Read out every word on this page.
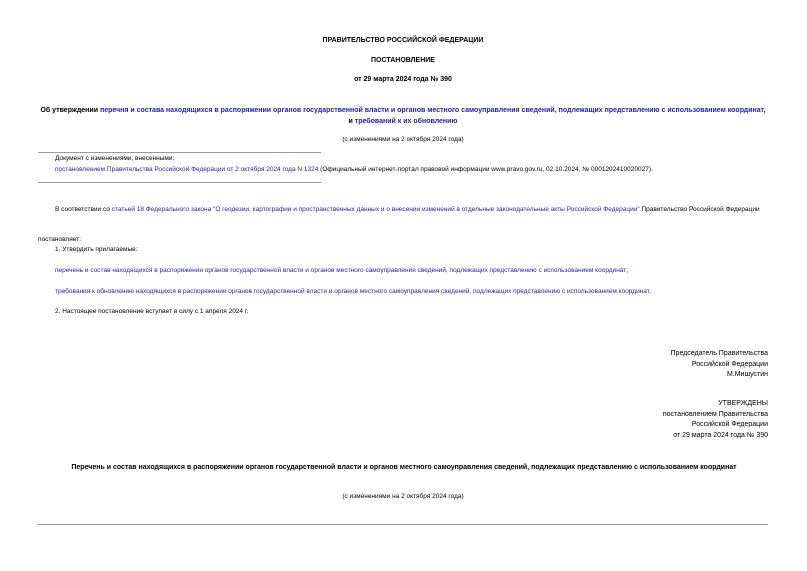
ПРАВИТЕЛЬСТВО РОССИЙСКОЙ ФЕДЕРАЦИИ
ПОСТАНОВЛЕНИЕ
от 29 марта 2024 года № 390
Об утверждении перечня и состава находящихся в распоряжении органов государственной власти и органов местного самоуправления сведений, подлежащих представлению с использованием координат, и требований к их обновлению
(с изменениями на 2 октября 2024 года)
Документ с изменениями, внесенными:
постановлением Правительства Российской Федерации от 2 октября 2024 года N 1324 (Официальный интернет-портал правовой информации www.pravo.gov.ru, 02.10.2024, № 0001202410020027).
В соответствии со статьей 18 Федерального закона "О геодезии, картографии и пространственных данных и о внесении изменений в отдельные законодательные акты Российской Федерации" Правительство Российской Федерации
постановляет:
1. Утвердить прилагаемые:
перечень и состав находящихся в распоряжении органов государственной власти и органов местного самоуправления сведений, подлежащих представлению с использованием координат;
требования к обновлению находящихся в распоряжении органов государственной власти и органов местного самоуправления сведений, подлежащих представлению с использованием координат.
2. Настоящее постановление вступает в силу с 1 апреля 2024 г.
Председатель Правительства
Российской Федерации
М.Мишустин
УТВЕРЖДЕНЫ
постановлением Правительства
Российской Федерации
от 29 марта 2024 года № 390
Перечень и состав находящихся в распоряжении органов государственной власти и органов местного самоуправления сведений, подлежащих представлению с использованием координат
(с изменениями на 2 октября 2024 года)
